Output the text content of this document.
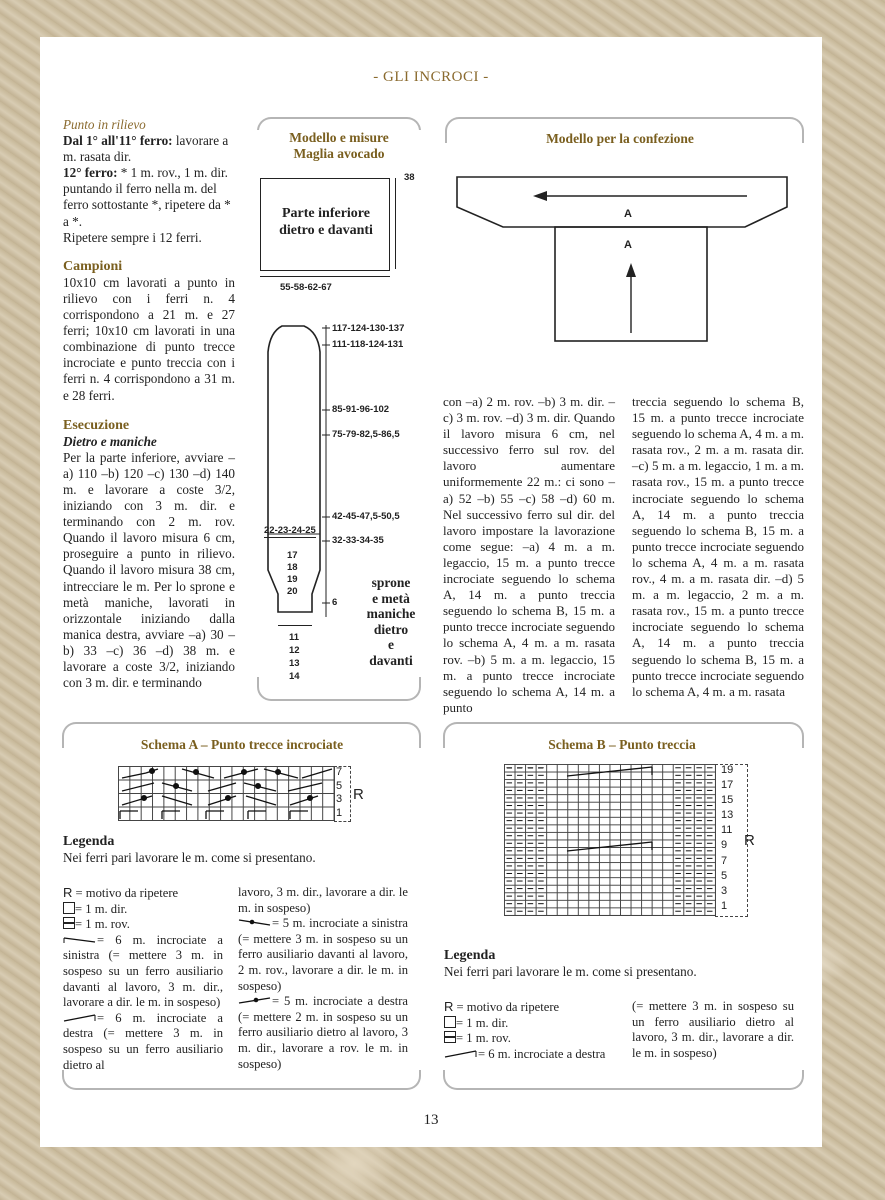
- GLI INCROCI -

Punto in rilievo

Dal 1° all'11° ferro: lavorare a m. rasata dir.

12° ferro: * 1 m. rov., 1 m. dir. puntando il ferro nella m. del ferro sottostante *, ripetere da * a *.

Ripetere sempre i 12 ferri.

Campioni

10x10 cm lavorati a punto in rilievo con i ferri n. 4 corrispondono a 21 m. e 27 ferri; 10x10 cm lavorati in una combinazione di punto trecce incrociate e punto treccia con i ferri n. 4 corrispondono a 31 m. e 28 ferri.

Esecuzione

Dietro e maniche

Per la parte inferiore, avviare –a) 110 –b) 120 –c) 130 –d) 140 m. e lavorare a coste 3/2, iniziando con 3 m. dir. e terminando con 2 m. rov. Quando il lavoro misura 6 cm, proseguire a punto in rilievo. Quando il lavoro misura 38 cm, intrecciare le m. Per lo sprone e metà maniche, lavorati in orizzontale iniziando dalla manica destra, avviare –a) 30 –b) 33 –c) 36 –d) 38 m. e lavorare a coste 3/2, iniziando con 3 m. dir. e terminando

Modello e misure
Maglia avocado
Parte inferiore
dietro e davanti
38
55-58-62-67
117-124-130-137
111-118-124-131
85-91-96-102
75-79-82,5-86,5
42-45-47,5-50,5
32-33-34-35
6
22-23-24-25
17
18
19
20
11
12
13
14
sprone
e metà
maniche
dietro
e
davanti
Modello per la confezione
A
A
con –a) 2 m. rov. –b) 3 m. dir. –c) 3 m. rov. –d) 3 m. dir. Quando il lavoro misura 6 cm, nel successivo ferro sul rov. del lavoro aumentare uniformemente 22 m.: ci sono –a) 52 –b) 55 –c) 58 –d) 60 m. Nel successivo ferro sul dir. del lavoro impostare la lavorazione come segue: –a) 4 m. a m. legaccio, 15 m. a punto trecce incrociate seguendo lo schema A, 14 m. a punto treccia seguendo lo schema B, 15 m. a punto trecce incrociate seguendo lo schema A, 4 m. a m. rasata rov. –b) 5 m. a m. legaccio, 15 m. a punto trecce incrociate seguendo lo schema A, 14 m. a punto
treccia seguendo lo schema B, 15 m. a punto trecce incrociate seguendo lo schema A, 4 m. a m. rasata rov., 2 m. a m. rasata dir. –c) 5 m. a m. legaccio, 1 m. a m. rasata rov., 15 m. a punto trecce incrociate seguendo lo schema A, 14 m. a punto treccia seguendo lo schema B, 15 m. a punto trecce incrociate seguendo lo schema A, 4 m. a m. rasata rov., 4 m. a m. rasata dir. –d) 5 m. a m. legaccio, 2 m. a m. rasata rov., 15 m. a punto trecce incrociate seguendo lo schema A, 14 m. a punto treccia seguendo lo schema B, 15 m. a punto trecce incrociate seguendo lo schema A, 4 m. a m. rasata
Schema A – Punto trecce incrociate
7
5
3
1
R

Legenda

Nei ferri pari lavorare le m. come si presentano.

R = motivo da ripetere

= 1 m. dir.

= 1 m. rov.

= 6 m. incrociate a sinistra (= mettere 3 m. in sospeso su un ferro ausiliario davanti al lavoro, 3 m. dir., lavorare a dir. le m. in sospeso)

= 6 m. incrociate a destra (= mettere 3 m. in sospeso su un ferro ausiliario dietro al

lavoro, 3 m. dir., lavorare a dir. le m. in sospeso)

= 5 m. incrociate a sinistra (= mettere 3 m. in sospeso su un ferro ausiliario davanti al lavoro, 2 m. rov., lavorare a dir. le m. in sospeso)

= 5 m. incrociate a destra (= mettere 2 m. in sospeso su un ferro ausiliario dietro al lavoro, 3 m. dir., lavorare a rov. le m. in sospeso)

Schema B – Punto treccia
19
17
15
13
11
9
7
5
3
1
R

Legenda

Nei ferri pari lavorare le m. come si presentano.

R = motivo da ripetere

= 1 m. dir.

= 1 m. rov.

= 6 m. incrociate a destra

(= mettere 3 m. in sospeso su un ferro ausiliario dietro al lavoro, 3 m. dir., lavorare a dir. le m. in sospeso)
13
